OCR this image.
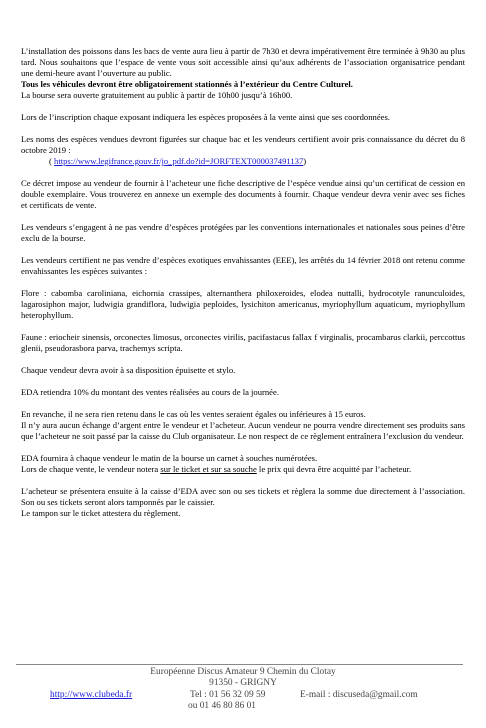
L’installation des poissons dans les bacs de vente aura lieu à partir de 7h30 et devra impérativement être terminée à 9h30 au plus tard. Nous souhaitons que l’espace de vente vous soit accessible ainsi qu’aux adhérents de l’association organisatrice pendant une demi-heure avant l’ouverture au public.
Tous les véhicules devront être obligatoirement stationnés à l’extérieur du Centre Culturel.
La bourse sera ouverte gratuitement au public à partir de 10h00 jusqu’à 16h00.

Lors de l’inscription chaque exposant indiquera les espèces proposées à la vente ainsi que ses coordonnées.

Les noms des espèces vendues devront figurées sur chaque bac et les vendeurs certifient avoir pris connaissance du décret du 8 octobre 2019 :
( https://www.legifrance.gouv.fr/jo_pdf.do?id=JORFTEXT000037491137)

Ce décret impose au vendeur de fournir à l’acheteur une fiche descriptive de l’espèce vendue ainsi qu’un certificat de cession en double exemplaire. Vous trouverez en annexe un exemple des documents à fournir. Chaque vendeur devra venir avec ses fiches et certificats de vente.

Les vendeurs s’engagent à ne pas vendre d’espèces protégées par les conventions internationales et nationales sous peines d’être exclu de la bourse.

Les vendeurs certifient ne pas vendre d’espèces exotiques envahissantes (EEE), les arrêtés du 14 février 2018 ont retenu comme envahissantes les espèces suivantes :

Flore : cabomba caroliniana, eichornia crassipes, alternanthera philoxeroides, elodea nuttalli, hydrocotyle ranunculoides, lagarosiphon major, ludwigia grandiflora, ludwigia peploides, lysichiton americanus, myriophyllum aquaticum, myriophyllum heterophyllum.

Faune : eriocheir sinensis, orconectes limosus, orconectes virilis, pacifastacus fallax f virginalis, procambarus clarkii, perccottus glenii, pseudorasbora parva, trachemys scripta.

Chaque vendeur devra avoir à sa disposition épuisette et stylo.

EDA retiendra 10% du montant des ventes réalisées au cours de la journée.

En revanche, il ne sera rien retenu dans le cas où les ventes seraient égales ou inférieures à 15 euros.
Il n’y aura aucun échange d’argent entre le vendeur et l’acheteur. Aucun vendeur ne pourra vendre directement ses produits sans que l’acheteur ne soit passé par la caisse du Club organisateur. Le non respect de ce règlement entraînera l’exclusion du vendeur.

EDA fournira à chaque vendeur le matin de la bourse un carnet à souches numérotées.
Lors de chaque vente, le vendeur notera sur le ticket et sur sa souche le prix qui devra être acquitté par l’acheteur.

L’acheteur se présentera ensuite à la caisse d’EDA avec son ou ses tickets et règlera la somme due directement à l’association. Son ou ses tickets seront alors tamponnés par le caissier.
Le tampon sur le ticket attestera du règlement.

Européenne Discus Amateur 9 Chemin du Clotay
91350 - GRIGNY
http://www.clubeda.fr	Tel : 01 56 32 09 59	E-mail : discuseda@gmail.com
ou 01 46 80 86 01
